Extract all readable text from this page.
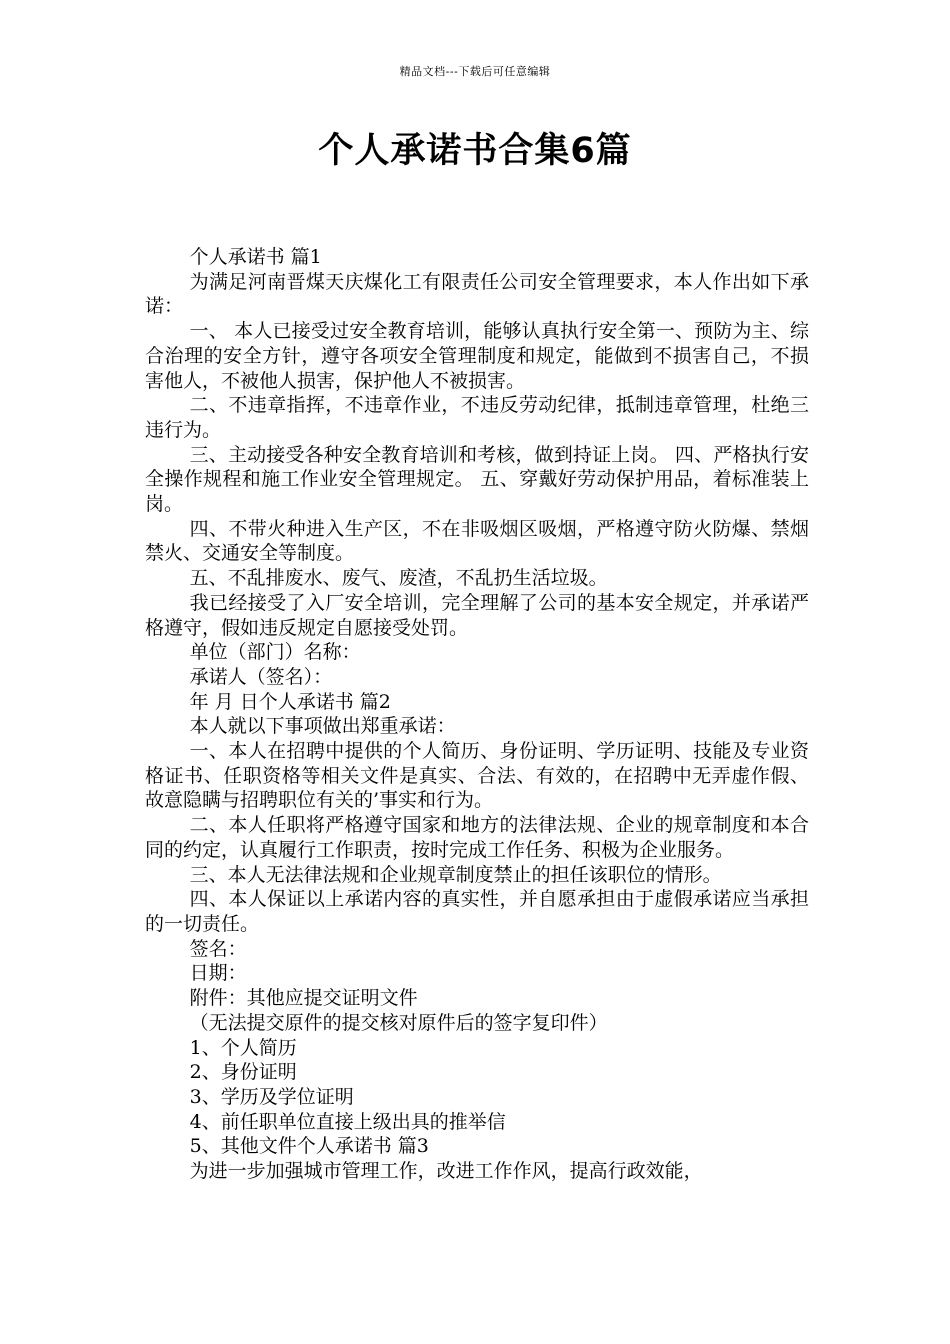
精品文档---下载后可任意编辑
个人承诺书合集6篇

个人承诺书 篇1

为满足河南晋煤天庆煤化工有限责任公司安全管理要求，本人作出如下承诺：

一、 本人已接受过安全教育培训，能够认真执行安全第一、预防为主、综合治理的安全方针，遵守各项安全管理制度和规定，能做到不损害自己，不损害他人，不被他人损害，保护他人不被损害。

二、不违章指挥，不违章作业，不违反劳动纪律，抵制违章管理，杜绝三违行为。

三、主动接受各种安全教育培训和考核，做到持证上岗。 四、严格执行安全操作规程和施工作业安全管理规定。 五、穿戴好劳动保护用品，着标准装上岗。

四、不带火种进入生产区，不在非吸烟区吸烟，严格遵守防火防爆、禁烟禁火、交通安全等制度。

五、不乱排废水、废气、废渣，不乱扔生活垃圾。

我已经接受了入厂安全培训，完全理解了公司的基本安全规定，并承诺严格遵守，假如违反规定自愿接受处罚。

单位（部门）名称：

承诺人（签名）：

年 月 日个人承诺书 篇2

本人就以下事项做出郑重承诺：

一、本人在招聘中提供的个人简历、身份证明、学历证明、技能及专业资格证书、任职资格等相关文件是真实、合法、有效的，在招聘中无弄虚作假、故意隐瞒与招聘职位有关的’事实和行为。

二、本人任职将严格遵守国家和地方的法律法规、企业的规章制度和本合同的约定，认真履行工作职责，按时完成工作任务、积极为企业服务。

三、本人无法律法规和企业规章制度禁止的担任该职位的情形。

四、本人保证以上承诺内容的真实性，并自愿承担由于虚假承诺应当承担的一切责任。

签名：

日期：

附件：其他应提交证明文件

（无法提交原件的提交核对原件后的签字复印件）

1、个人简历

2、身份证明

3、学历及学位证明

4、前任职单位直接上级出具的推举信

5、其他文件个人承诺书 篇3

为进一步加强城市管理工作，改进工作作风，提高行政效能，
